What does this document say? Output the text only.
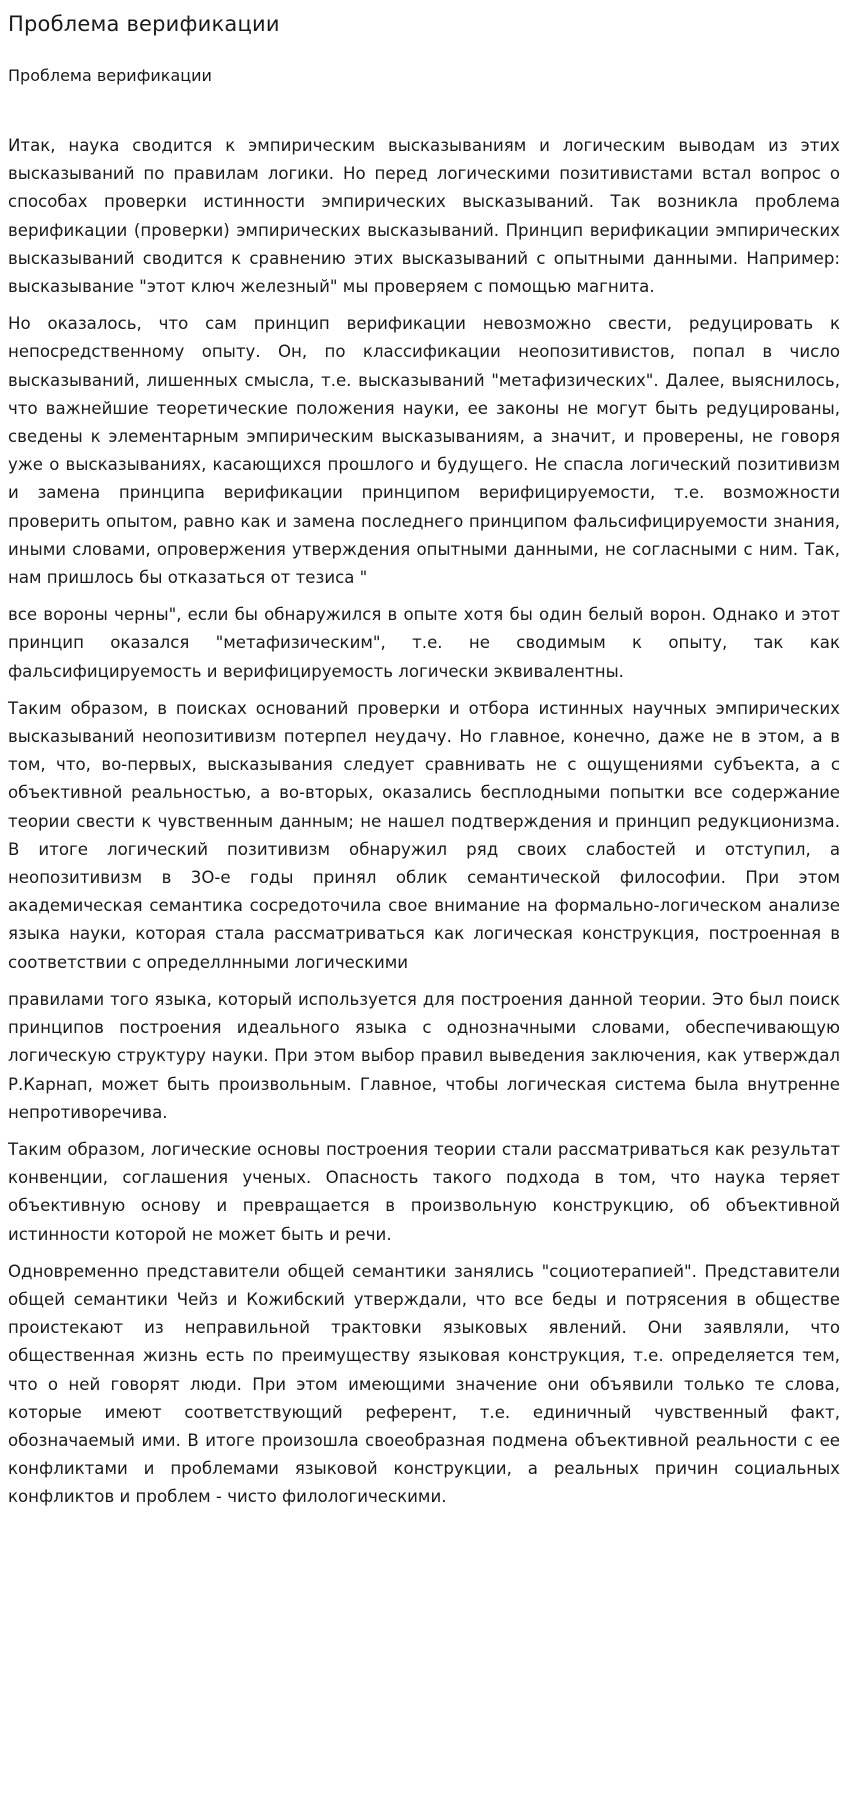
Проблема верификации
Проблема верификации

Итак, наука сводится к эмпирическим высказываниям и логическим выводам из этих высказываний по правилам логики. Но перед логическими позитивистами встал вопрос о способах проверки истинности эмпирических высказываний. Так возникла проблема верификации (проверки) эмпирических высказываний. Принцип верификации эмпирических высказываний сводится к сравнению этих высказываний с опытными данными. Например: высказывание "этот ключ железный" мы проверяем с помощью магнита.

Но оказалось, что сам принцип верификации невозможно свести, редуцировать к непосредственному опыту. Он, по классификации неопозитивистов, попал в число высказываний, лишенных смысла, т.е. высказываний "метафизических". Далее, выяснилось, что важнейшие теоретические положения науки, ее законы не могут быть редуцированы, сведены к элементарным эмпирическим высказываниям, а значит, и проверены, не говоря уже о высказываниях, касающихся прошлого и будущего. Не спасла логический позитивизм и замена принципа верификации принципом верифицируемости, т.е. возможности проверить опытом, равно как и замена последнего принципом фальсифицируемости знания, иными словами, опровержения утверждения опытными данными, не согласными с ним. Так, нам пришлось бы отказаться от тезиса "

все вороны черны", если бы обнаружился в опыте хотя бы один белый ворон. Однако и этот принцип оказался "метафизическим", т.е. не сводимым к опыту, так как фальсифицируемость и верифицируемость логически эквивалентны.

Таким образом, в поисках оснований проверки и отбора истинных научных эмпирических высказываний неопозитивизм потерпел неудачу. Но главное, конечно, даже не в этом, а в том, что, во-первых, высказывания следует сравнивать не с ощущениями субъекта, а с объективной реальностью, а во-вторых, оказались бесплодными попытки все содержание теории свести к чувственным данным; не нашел подтверждения и принцип редукционизма. В итоге логический позитивизм обнаружил ряд своих слабостей и отступил, а неопозитивизм в 3О-е годы принял облик семантической философии. При этом академическая семантика сосредоточила свое внимание на формально-логическом анализе языка науки, которая стала рассматриваться как логическая конструкция, построенная в соответствии с определлнными логическими

правилами того языка, который используется для построения данной теории. Это был поиск принципов построения идеального языка с однозначными словами, обеспечивающую логическую структуру науки. При этом выбор правил выведения заключения, как утверждал Р.Карнап, может быть произвольным. Главное, чтобы логическая система была внутренне непротиворечива.

Таким образом, логические основы построения теории стали рассматриваться как результат конвенции, соглашения ученых. Опасность такого подхода в том, что наука теряет объективную основу и превращается в произвольную конструкцию, об объективной истинности которой не может быть и речи.

Одновременно представители общей семантики занялись "социотерапией". Представители общей семантики Чейз и Кожибский утверждали, что все беды и потрясения в обществе проистекают из неправильной трактовки языковых явлений. Они заявляли, что общественная жизнь есть по преимуществу языковая конструкция, т.е. определяется тем, что о ней говорят люди. При этом имеющими значение они объявили только те слова, которые имеют соответствующий референт, т.е. единичный чувственный факт, обозначаемый ими. В итоге произошла своеобразная подмена объективной реальности с ее конфликтами и проблемами языковой конструкции, а реальных причин социальных конфликтов и проблем - чисто филологическими.
